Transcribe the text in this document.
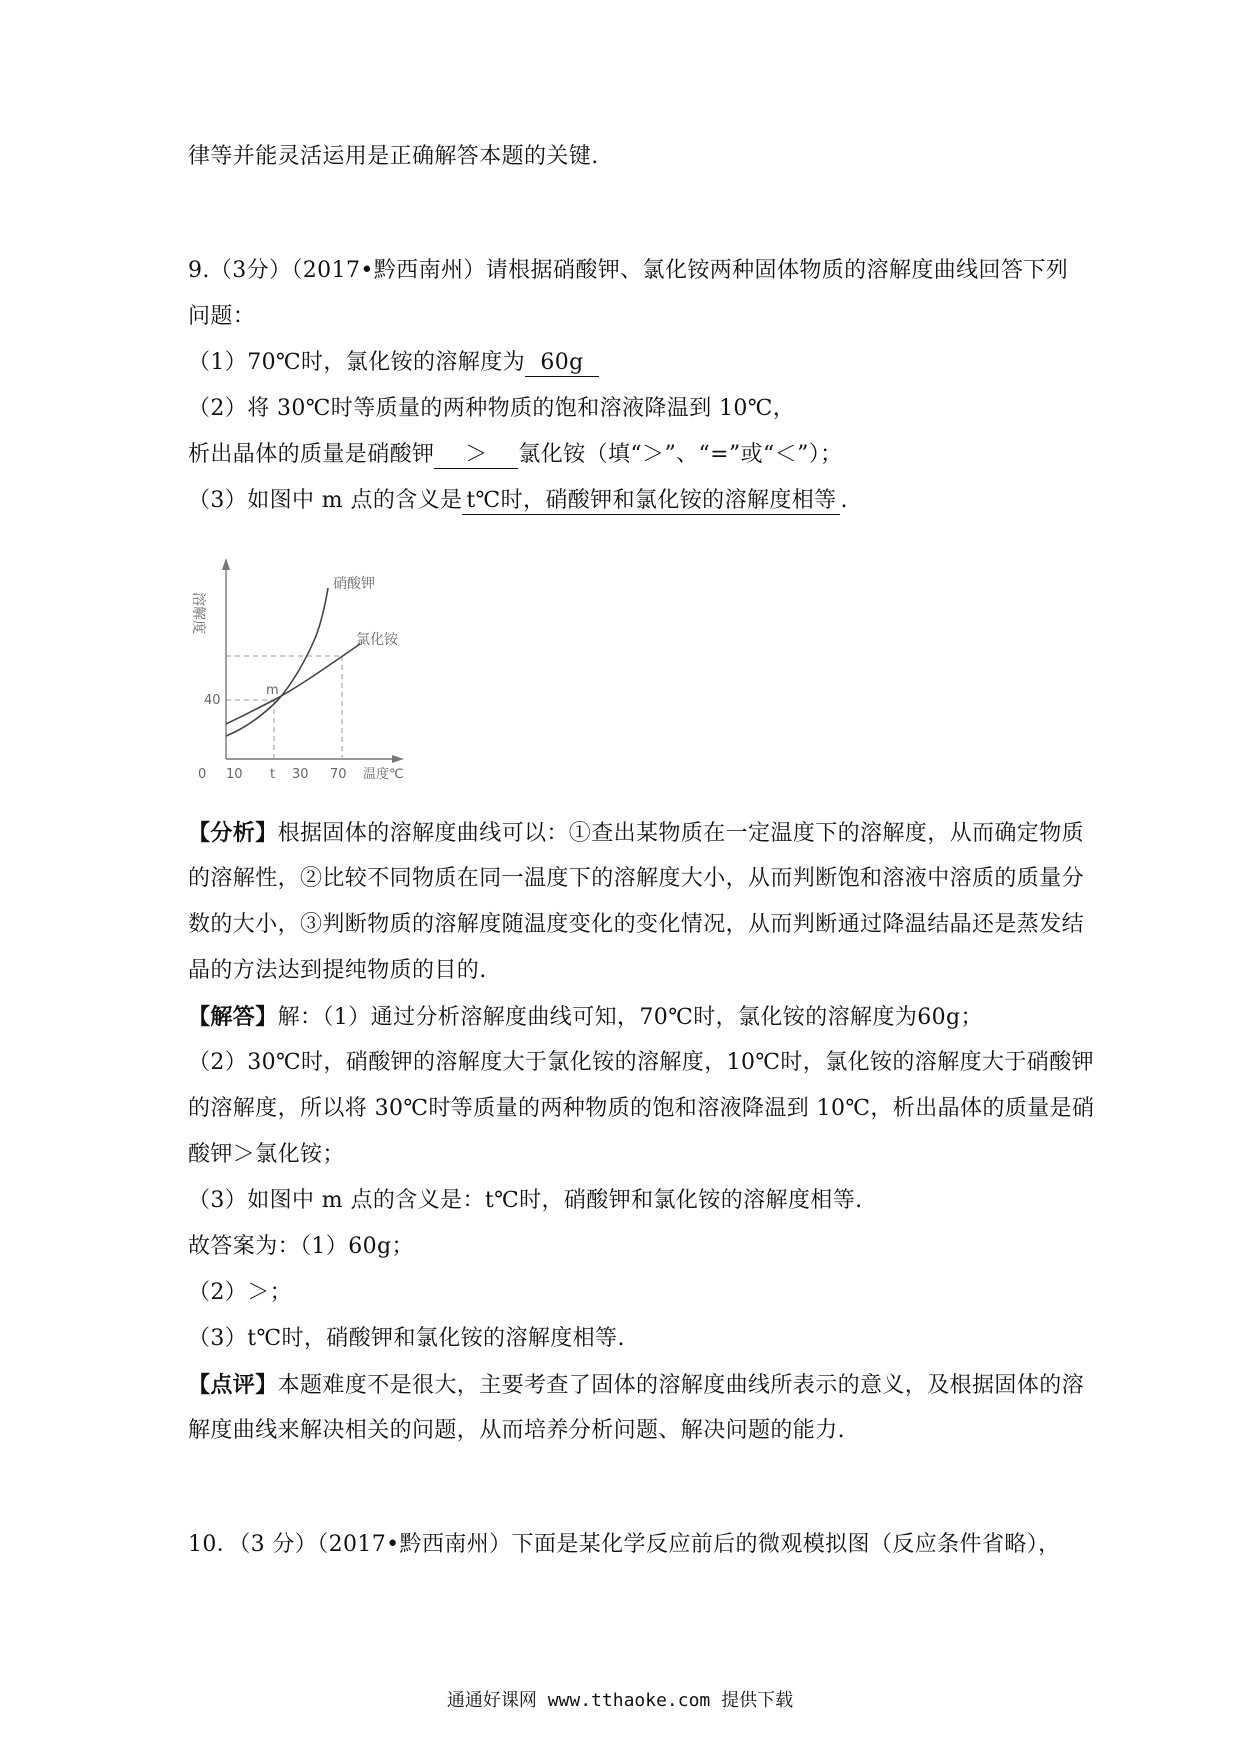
律等并能灵活运用是正确解答本题的关键.
9.（3分）（2017•黔西南州）请根据硝酸钾、氯化铵两种固体物质的溶解度曲线回答下列
问题：
（1）70℃时，氯化铵的溶解度为 60g
（2）将 30℃时等质量的两种物质的饱和溶液降温到 10℃，
析出晶体的质量是硝酸钾 ＞ 氯化铵（填“＞”、“=”或“＜”）；
（3）如图中 m 点的含义是 t℃时，硝酸钾和氯化铵的溶解度相等 .
溶解度
硝酸钾
氯化铵
m
40
0 10 t 30 70 温度℃
【分析】根据固体的溶解度曲线可以：①查出某物质在一定温度下的溶解度，从而确定物质
的溶解性，②比较不同物质在同一温度下的溶解度大小，从而判断饱和溶液中溶质的质量分
数的大小，③判断物质的溶解度随温度变化的变化情况，从而判断通过降温结晶还是蒸发结
晶的方法达到提纯物质的目的.
【解答】解：（1）通过分析溶解度曲线可知，70℃时，氯化铵的溶解度为60g；
（2）30℃时，硝酸钾的溶解度大于氯化铵的溶解度，10℃时，氯化铵的溶解度大于硝酸钾
的溶解度，所以将 30℃时等质量的两种物质的饱和溶液降温到 10℃，析出晶体的质量是硝
酸钾＞氯化铵；
（3）如图中 m 点的含义是：t℃时，硝酸钾和氯化铵的溶解度相等.
故答案为：（1）60g；
（2）＞；
（3）t℃时，硝酸钾和氯化铵的溶解度相等.
【点评】本题难度不是很大，主要考查了固体的溶解度曲线所表示的意义，及根据固体的溶
解度曲线来解决相关的问题，从而培养分析问题、解决问题的能力.
10．（3 分）（2017•黔西南州）下面是某化学反应前后的微观模拟图（反应条件省略），
通通好课网 www.tthaoke.com 提供下载
